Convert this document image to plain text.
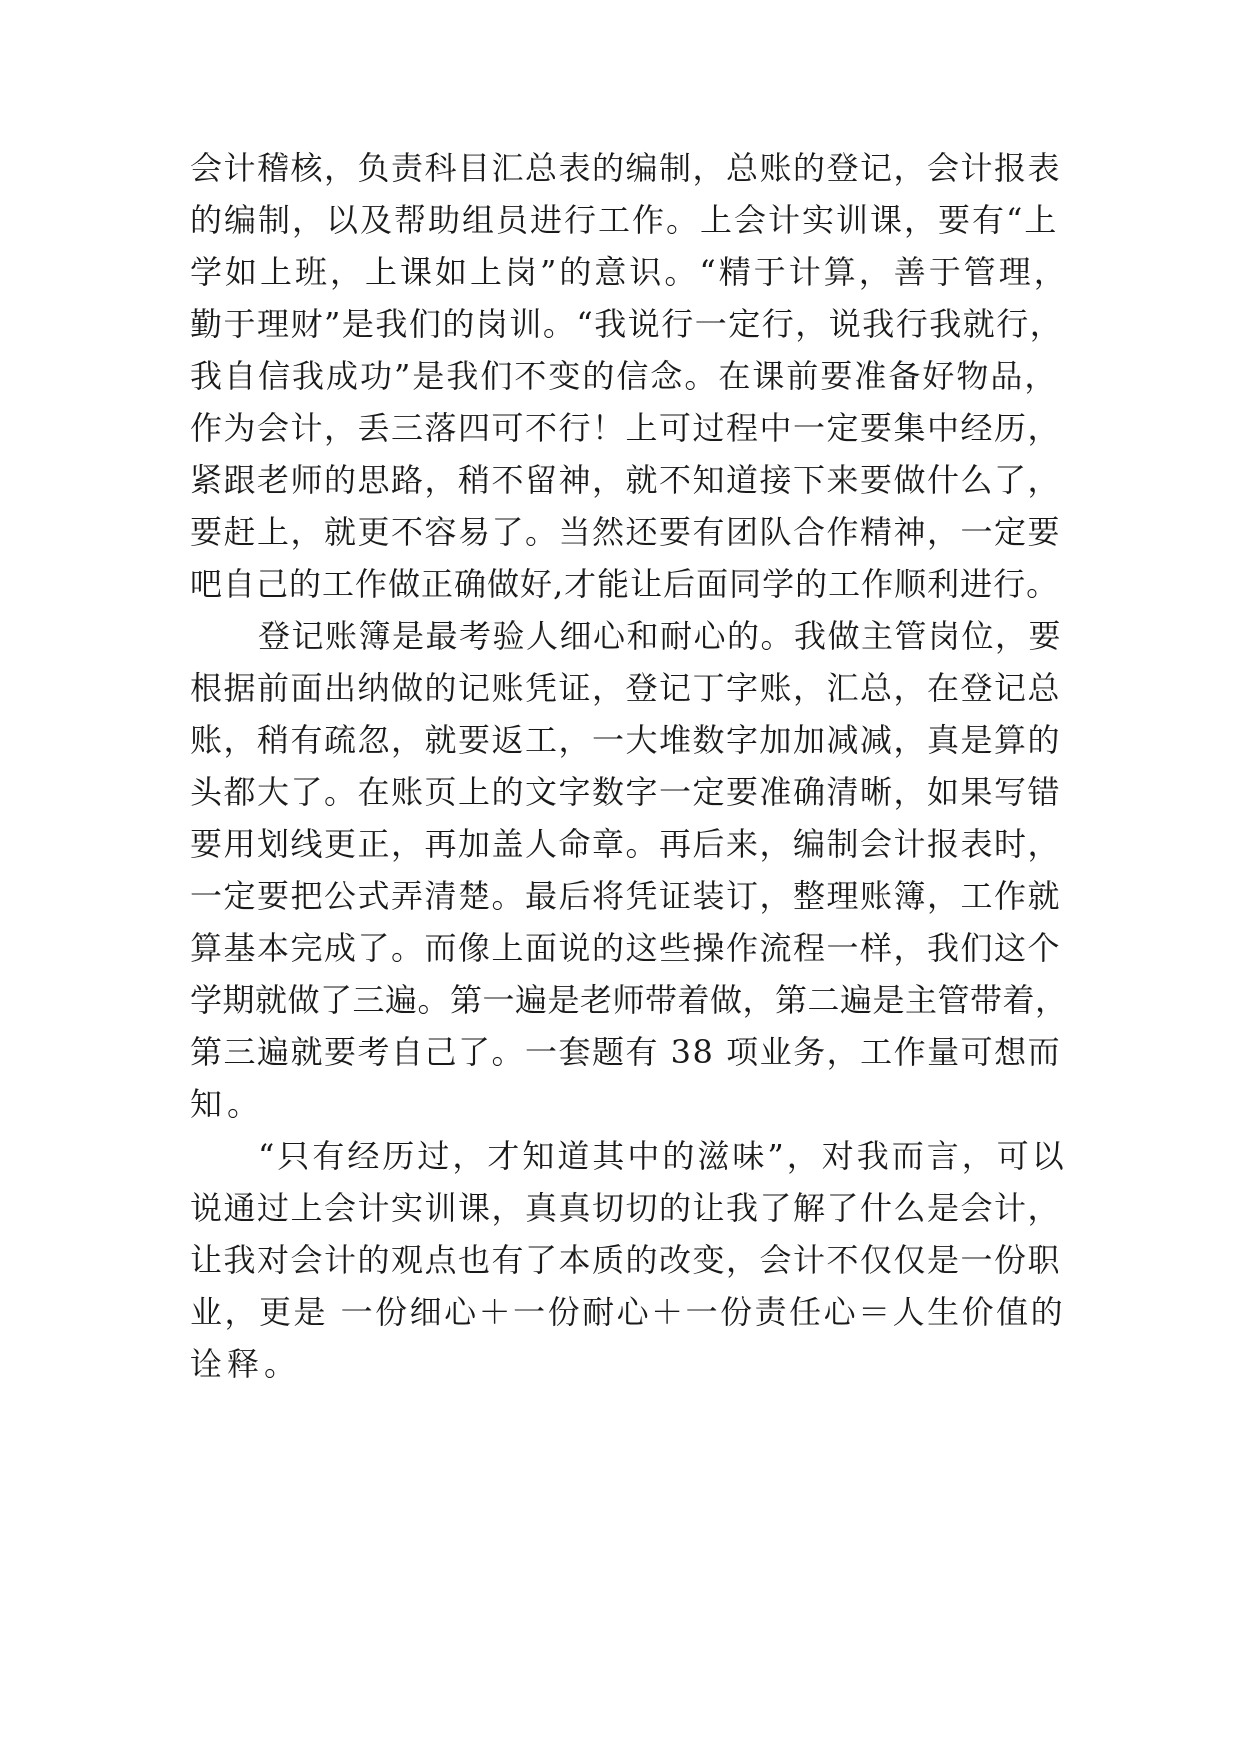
会计稽核，负责科目汇总表的编制，总账的登记，会计报表
的编制，以及帮助组员进行工作。上会计实训课，要有“上
学如上班，上课如上岗”的意识。“精于计算，善于管理，
勤于理财”是我们的岗训。“我说行一定行，说我行我就行，
我自信我成功”是我们不变的信念。在课前要准备好物品，
作为会计，丢三落四可不行！上可过程中一定要集中经历，
紧跟老师的思路，稍不留神，就不知道接下来要做什么了，
要赶上，就更不容易了。当然还要有团队合作精神，一定要
吧自己的工作做正确做好,才能让后面同学的工作顺利进行。
登记账簿是最考验人细心和耐心的。我做主管岗位，要
根据前面出纳做的记账凭证，登记丁字账，汇总，在登记总
账，稍有疏忽，就要返工，一大堆数字加加减减，真是算的
头都大了。在账页上的文字数字一定要准确清晰，如果写错
要用划线更正，再加盖人命章。再后来，编制会计报表时，
一定要把公式弄清楚。最后将凭证装订，整理账簿，工作就
算基本完成了。而像上面说的这些操作流程一样，我们这个
学期就做了三遍。第一遍是老师带着做，第二遍是主管带着，
第三遍就要考自己了。一套题有 38 项业务，工作量可想而
知。
“只有经历过，才知道其中的滋味”，对我而言，可以
说通过上会计实训课，真真切切的让我了解了什么是会计，
让我对会计的观点也有了本质的改变，会计不仅仅是一份职
业，更是 一份细心＋一份耐心＋一份责任心＝人生价值的
诠释。
